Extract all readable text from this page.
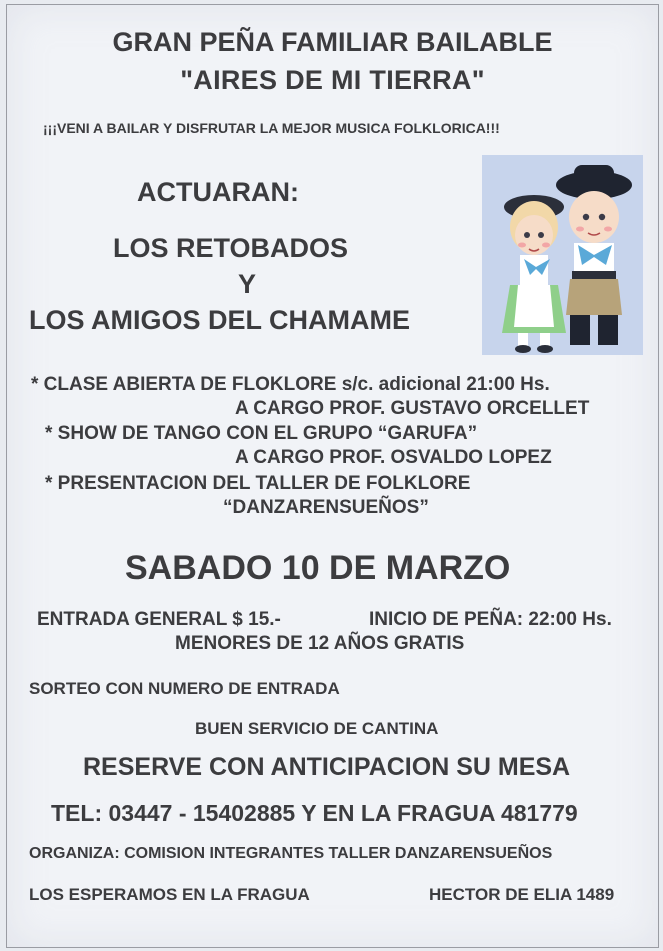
GRAN PEÑA FAMILIAR BAILABLE
"AIRES DE MI TIERRA"
¡¡¡VENI A BAILAR Y DISFRUTAR LA MEJOR MUSICA FOLKLORICA!!!
ACTUARAN:
LOS RETOBADOS
Y
LOS AMIGOS DEL CHAMAME
* CLASE ABIERTA DE FLOKLORE s/c. adicional 21:00 Hs.
A CARGO PROF. GUSTAVO ORCELLET
* SHOW DE TANGO CON EL GRUPO “GARUFA”
A CARGO PROF. OSVALDO LOPEZ
* PRESENTACION DEL TALLER DE FOLKLORE
“DANZARENSUEÑOS”
SABADO 10 DE MARZO
ENTRADA GENERAL $ 15.-	INICIO DE PEÑA: 22:00 Hs.
MENORES DE 12 AÑOS GRATIS
SORTEO CON NUMERO DE ENTRADA
BUEN SERVICIO DE CANTINA
RESERVE CON ANTICIPACION SU MESA
TEL: 03447 - 15402885 Y EN LA FRAGUA 481779
ORGANIZA: COMISION INTEGRANTES TALLER DANZARENSUEÑOS
LOS ESPERAMOS EN LA FRAGUA	HECTOR DE ELIA 1489
